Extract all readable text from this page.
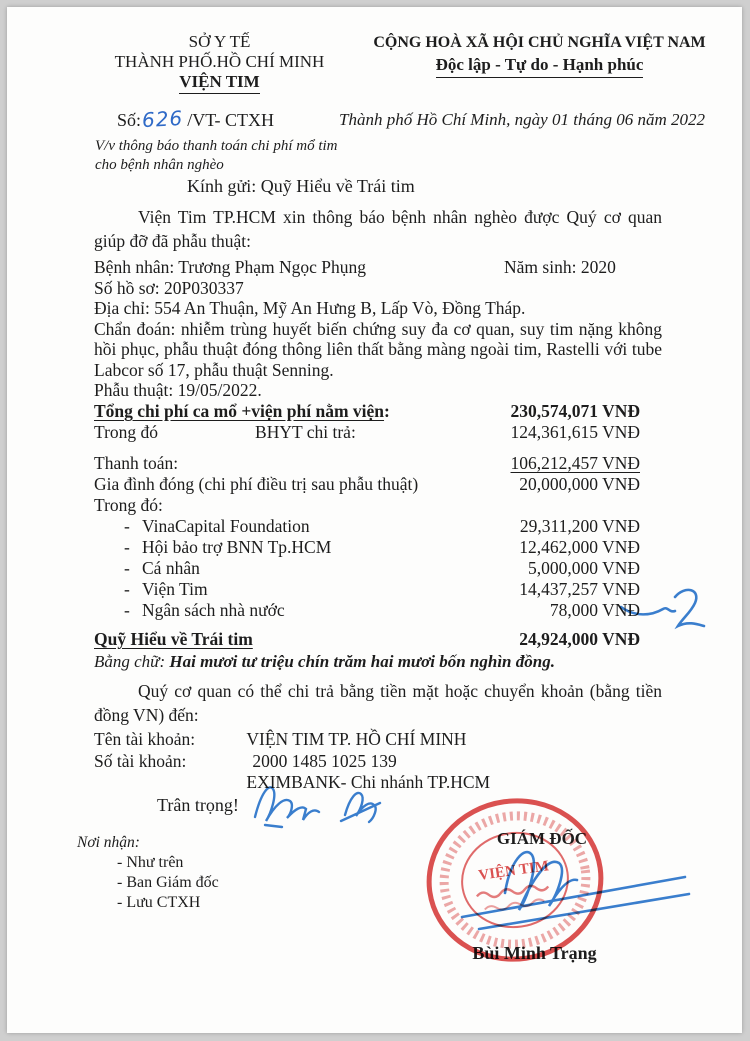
SỞ Y TẾ
THÀNH PHỐ.HỒ CHÍ MINH
VIỆN TIM
CỘNG HOÀ XÃ HỘI CHỦ NGHĨA VIỆT NAM
Độc lập - Tự do - Hạnh phúc
Số:626 /VT- CTXH	Thành phố Hồ Chí Minh, ngày 01 tháng 06 năm 2022
V/v thông báo thanh toán chi phí mổ tim
cho bệnh nhân nghèo
Kính gửi: Quỹ Hiểu về Trái tim
Viện Tim TP.HCM xin thông báo bệnh nhân nghèo được Quý cơ quan giúp đỡ đã phẫu thuật:
Bệnh nhân: Trương Phạm Ngọc Phụng	Năm sinh: 2020
Số hồ sơ: 20P030337
Địa chỉ: 554 An Thuận, Mỹ An Hưng B, Lấp Vò, Đồng Tháp.
Chẩn đoán: nhiễm trùng huyết biến chứng suy đa cơ quan, suy tim nặng không hồi phục, phẫu thuật đóng thông liên thất bằng màng ngoài tim, Rastelli với tube Labcor số 17, phẫu thuật Senning.
Phẫu thuật: 19/05/2022.
Tổng chi phí ca mổ +viện phí nằm viện:	230,574,071 VNĐ
Trong đó	BHYT chi trả:	124,361,615 VNĐ
Thanh toán:	106,212,457 VNĐ
Gia đình đóng (chi phí điều trị sau phẫu thuật)	20,000,000 VNĐ
Trong đó:
- VinaCapital Foundation	29,311,200 VNĐ
- Hội bảo trợ BNN Tp.HCM	12,462,000 VNĐ
- Cá nhân	5,000,000 VNĐ
- Viện Tim	14,437,257 VNĐ
- Ngân sách nhà nước	78,000 VNĐ
Quỹ Hiểu về Trái tim	24,924,000 VNĐ
Bằng chữ: Hai mươi tư triệu chín trăm hai mươi bốn nghìn đồng.
Quý cơ quan có thể chi trả bằng tiền mặt hoặc chuyển khoản (bằng tiền đồng VN) đến:
Tên tài khoản:	VIỆN TIM TP. HỒ CHÍ MINH
Số tài khoản:	2000 1485 1025 139
EXIMBANK- Chi nhánh TP.HCM
Trân trọng!
Nơi nhận:
- Như trên
- Ban Giám đốc
- Lưu CTXH
GIÁM ĐỐC
Bùi Minh Trạng
VIỆN TIM
